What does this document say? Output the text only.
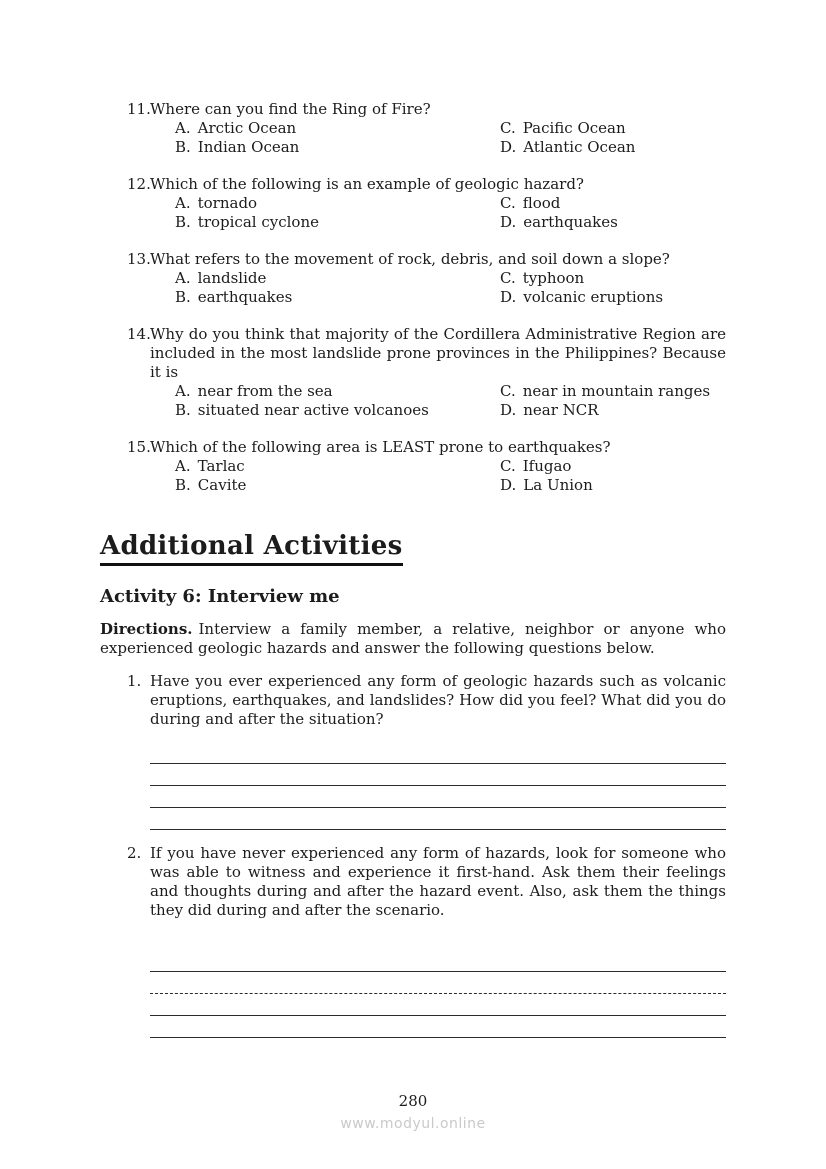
11. Where can you find the Ring of Fire?
A. Arctic Ocean	C. Pacific Ocean
B. Indian Ocean	D. Atlantic Ocean
12. Which of the following is an example of geologic hazard?
A. tornado	C. flood
B. tropical cyclone	D. earthquakes
13. What refers to the movement of rock, debris, and soil down a slope?
A. landslide	C. typhoon
B. earthquakes	D. volcanic eruptions
14. Why do you think that majority of the Cordillera Administrative Region are included in the most landslide prone provinces in the Philippines? Because it is
A. near from the sea	C. near in mountain ranges
B. situated near active volcanoes	D. near NCR
15. Which of the following area is LEAST prone to earthquakes?
A. Tarlac	C. Ifugao
B. Cavite	D. La Union
Additional Activities
Activity 6: Interview me

Directions. Interview a family member, a relative, neighbor or anyone who experienced geologic hazards and answer the following questions below.

1. Have you ever experienced any form of geologic hazards such as volcanic eruptions, earthquakes, and landslides? How did you feel? What did you do during and after the situation?

2. If you have never experienced any form of hazards, look for someone who was able to witness and experience it first-hand. Ask them their feelings and thoughts during and after the hazard event. Also, ask them the things they did during and after the scenario.

280
www.modyul.online
